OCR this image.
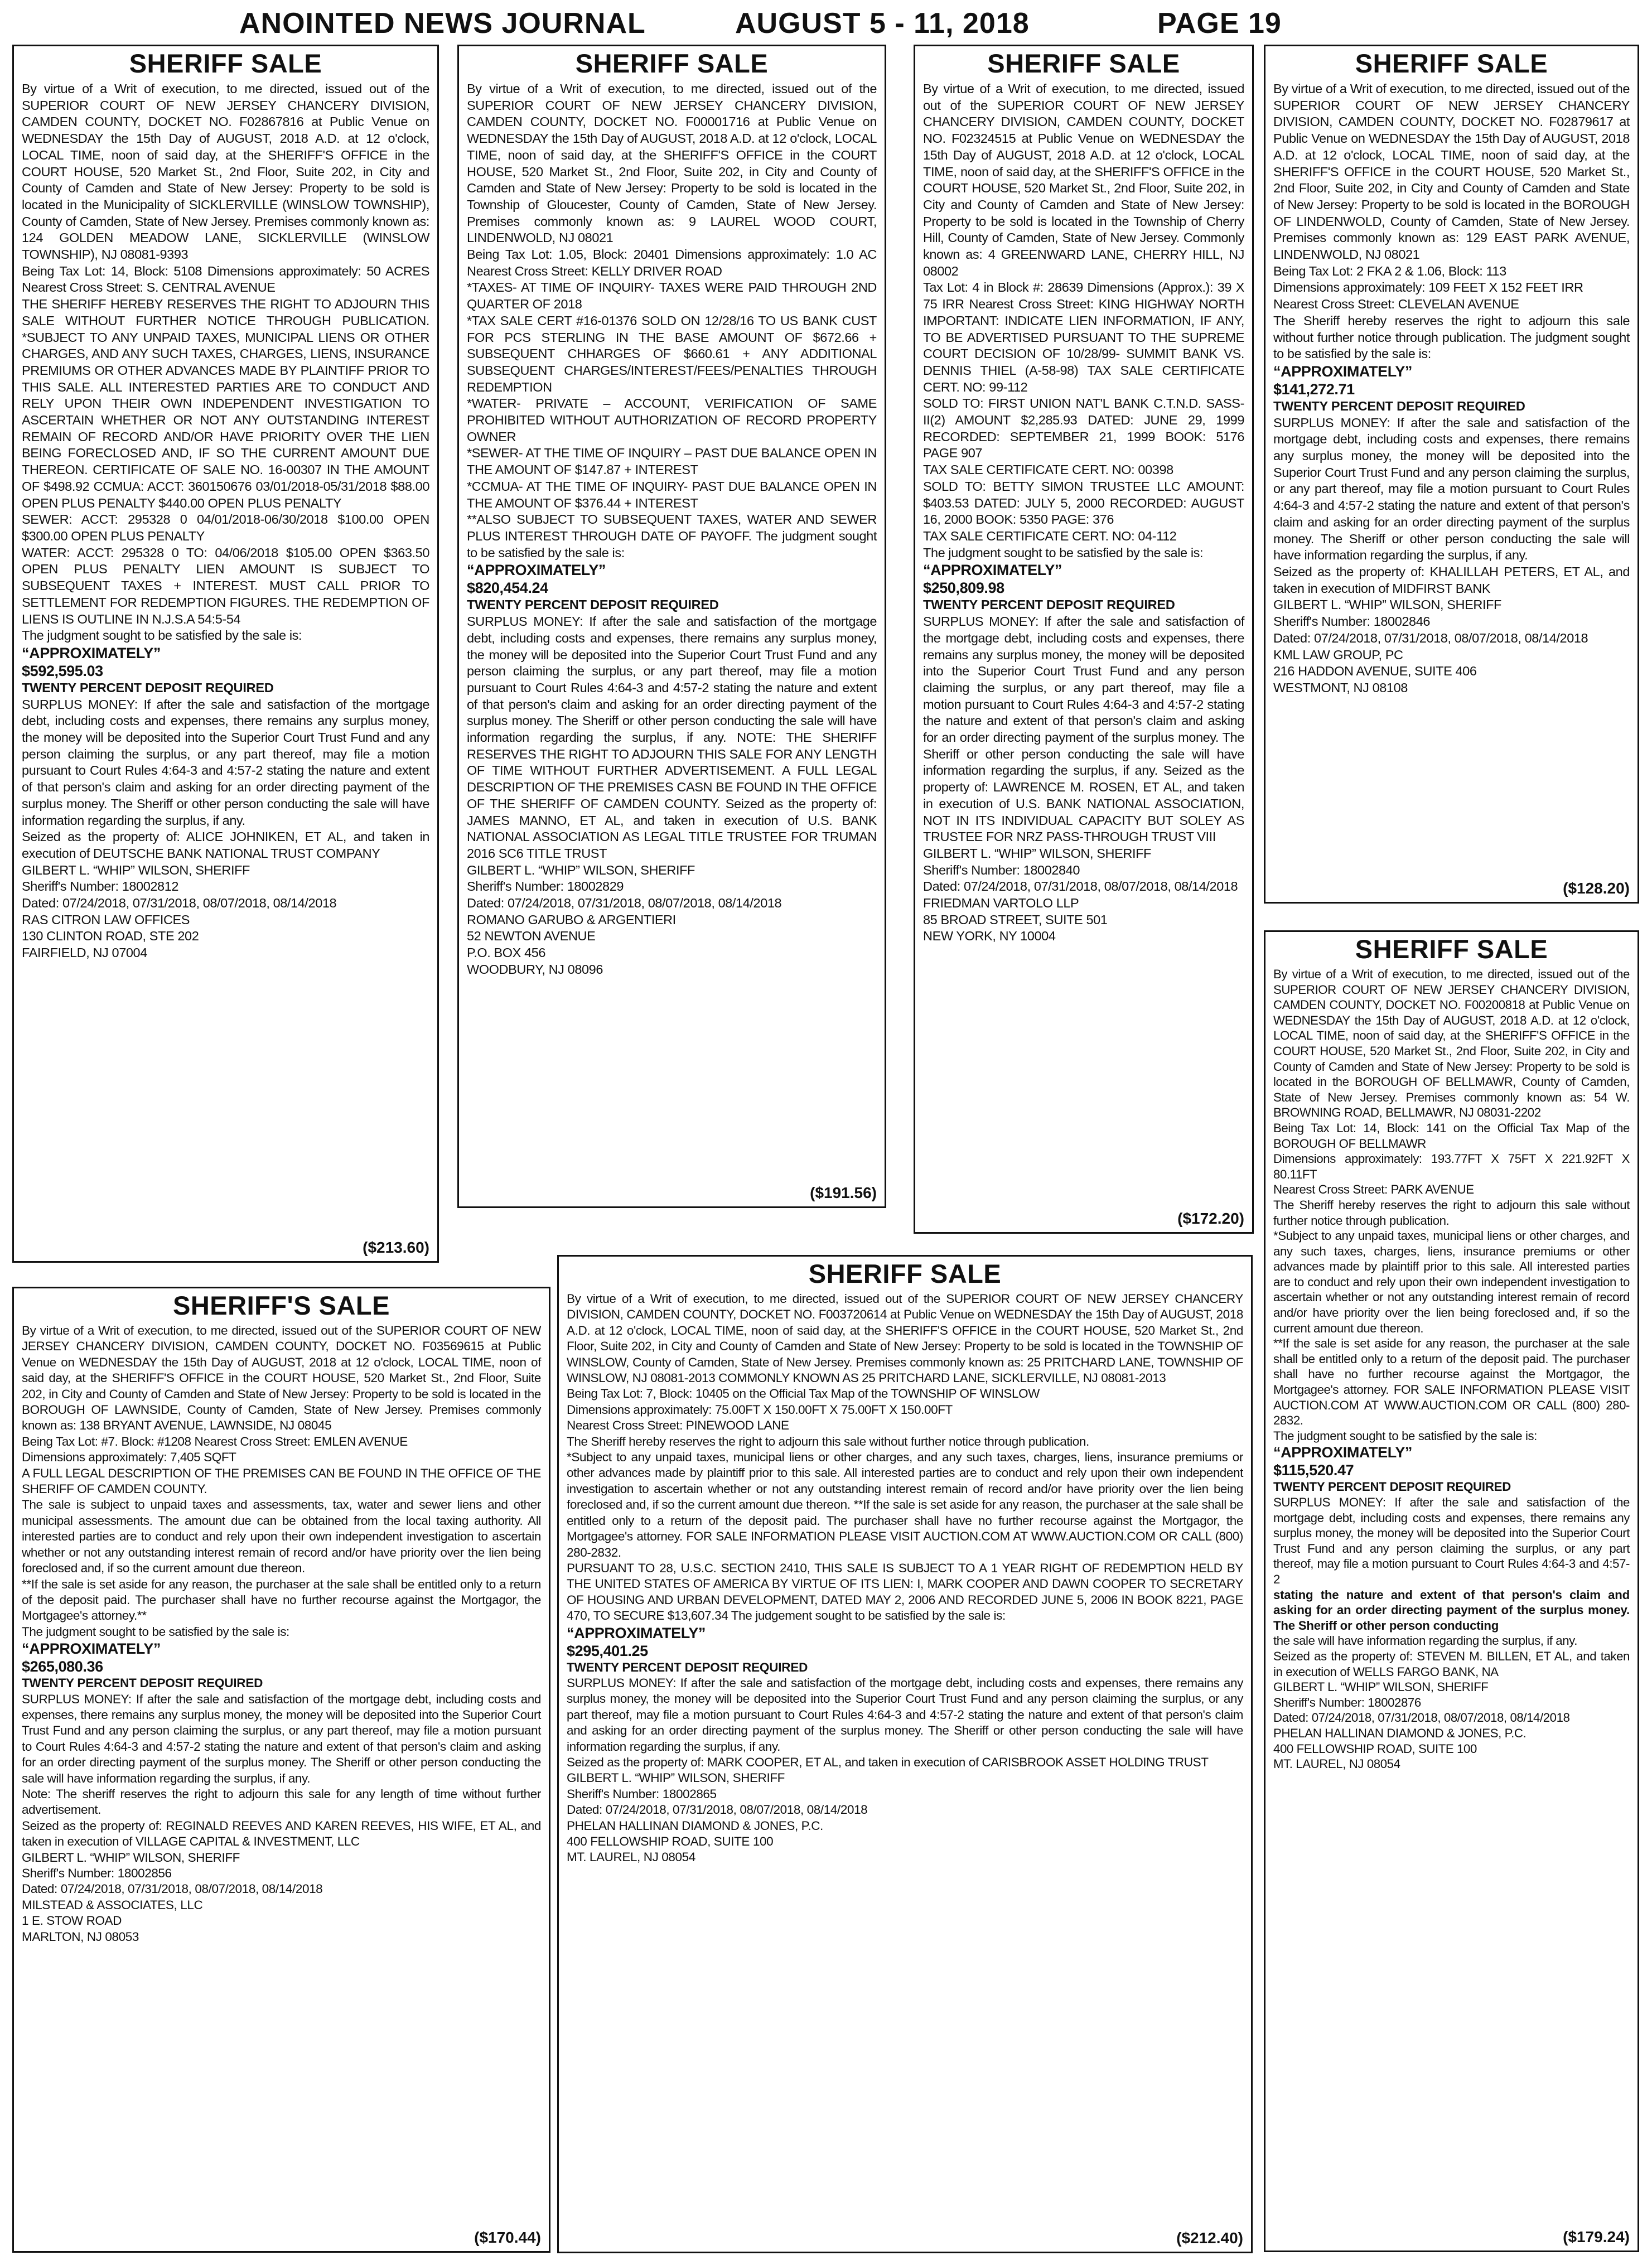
ANOINTED NEWS JOURNAL	AUGUST 5 - 11, 2018	PAGE 19
SHERIFF SALE

By virtue of a Writ of execution, to me directed, issued out of the SUPERIOR COURT OF NEW JERSEY CHANCERY DIVISION, CAMDEN COUNTY, DOCKET NO. F02867816 at Public Venue on WEDNESDAY the 15th Day of AUGUST, 2018 A.D. at 12 o'clock, LOCAL TIME, noon of said day, at the SHERIFF'S OFFICE in the COURT HOUSE, 520 Market St., 2nd Floor, Suite 202, in City and County of Camden and State of New Jersey: Property to be sold is located in the Municipality of SICKLERVILLE (WINSLOW TOWNSHIP), County of Camden, State of New Jersey. Premises commonly known as: 124 GOLDEN MEADOW LANE, SICKLERVILLE (WINSLOW TOWNSHIP), NJ 08081-9393

Being Tax Lot: 14, Block: 5108 Dimensions approximately: 50 ACRES Nearest Cross Street: S. CENTRAL AVENUE

THE SHERIFF HEREBY RESERVES THE RIGHT TO ADJOURN THIS SALE WITHOUT FURTHER NOTICE THROUGH PUBLICATION. *SUBJECT TO ANY UNPAID TAXES, MUNICIPAL LIENS OR OTHER CHARGES, AND ANY SUCH TAXES, CHARGES, LIENS, INSURANCE PREMIUMS OR OTHER ADVANCES MADE BY PLAINTIFF PRIOR TO THIS SALE. ALL INTERESTED PARTIES ARE TO CONDUCT AND RELY UPON THEIR OWN INDEPENDENT INVESTIGATION TO ASCERTAIN WHETHER OR NOT ANY OUTSTANDING INTEREST REMAIN OF RECORD AND/OR HAVE PRIORITY OVER THE LIEN BEING FORECLOSED AND, IF SO THE CURRENT AMOUNT DUE THEREON. CERTIFICATE OF SALE NO. 16-00307 IN THE AMOUNT OF $498.92 CCMUA: ACCT: 360150676 03/01/2018-05/31/2018 $88.00 OPEN PLUS PENALTY $440.00 OPEN PLUS PENALTY

SEWER: ACCT: 295328 0 04/01/2018-06/30/2018 $100.00 OPEN $300.00 OPEN PLUS PENALTY

WATER: ACCT: 295328 0 TO: 04/06/2018 $105.00 OPEN $363.50 OPEN PLUS PENALTY LIEN AMOUNT IS SUBJECT TO SUBSEQUENT TAXES + INTEREST. MUST CALL PRIOR TO SETTLEMENT FOR REDEMPTION FIGURES. THE REDEMPTION OF LIENS IS OUTLINE IN N.J.S.A 54:5-54

The judgment sought to be satisfied by the sale is:

“APPROXIMATELY”

$592,595.03

TWENTY PERCENT DEPOSIT REQUIRED

SURPLUS MONEY: If after the sale and satisfaction of the mortgage debt, including costs and expenses, there remains any surplus money, the money will be deposited into the Superior Court Trust Fund and any person claiming the surplus, or any part thereof, may file a motion pursuant to Court Rules 4:64-3 and 4:57-2 stating the nature and extent of that person's claim and asking for an order directing payment of the surplus money. The Sheriff or other person conducting the sale will have information regarding the surplus, if any.

Seized as the property of: ALICE JOHNIKEN, ET AL, and taken in execution of DEUTSCHE BANK NATIONAL TRUST COMPANY

GILBERT L. “WHIP” WILSON, SHERIFF

Sheriff's Number: 18002812

Dated: 07/24/2018, 07/31/2018, 08/07/2018, 08/14/2018

RAS CITRON LAW OFFICES

130 CLINTON ROAD, STE 202

FAIRFIELD, NJ 07004

($213.60)
SHERIFF SALE

By virtue of a Writ of execution, to me directed, issued out of the SUPERIOR COURT OF NEW JERSEY CHANCERY DIVISION, CAMDEN COUNTY, DOCKET NO. F00001716 at Public Venue on WEDNESDAY the 15th Day of AUGUST, 2018 A.D. at 12 o'clock, LOCAL TIME, noon of said day, at the SHERIFF'S OFFICE in the COURT HOUSE, 520 Market St., 2nd Floor, Suite 202, in City and County of Camden and State of New Jersey: Property to be sold is located in the Township of Gloucester, County of Camden, State of New Jersey. Premises commonly known as: 9 LAUREL WOOD COURT, LINDENWOLD, NJ 08021

Being Tax Lot: 1.05, Block: 20401 Dimensions approximately: 1.0 AC Nearest Cross Street: KELLY DRIVER ROAD

*TAXES- AT TIME OF INQUIRY- TAXES WERE PAID THROUGH 2ND QUARTER OF 2018

*TAX SALE CERT #16-01376 SOLD ON 12/28/16 TO US BANK CUST FOR PCS STERLING IN THE BASE AMOUNT OF $672.66 + SUBSEQUENT CHHARGES OF $660.61 + ANY ADDITIONAL SUBSEQUENT CHARGES/INTEREST/FEES/PENALTIES THROUGH REDEMPTION

*WATER- PRIVATE – ACCOUNT, VERIFICATION OF SAME PROHIBITED WITHOUT AUTHORIZATION OF RECORD PROPERTY OWNER

*SEWER- AT THE TIME OF INQUIRY – PAST DUE BALANCE OPEN IN THE AMOUNT OF $147.87 + INTEREST

*CCMUA- AT THE TIME OF INQUIRY- PAST DUE BALANCE OPEN IN THE AMOUNT OF $376.44 + INTEREST

**ALSO SUBJECT TO SUBSEQUENT TAXES, WATER AND SEWER PLUS INTEREST THROUGH DATE OF PAYOFF. The judgment sought to be satisfied by the sale is:

“APPROXIMATELY”

$820,454.24

TWENTY PERCENT DEPOSIT REQUIRED

SURPLUS MONEY: If after the sale and satisfaction of the mortgage debt, including costs and expenses, there remains any surplus money, the money will be deposited into the Superior Court Trust Fund and any person claiming the surplus, or any part thereof, may file a motion pursuant to Court Rules 4:64-3 and 4:57-2 stating the nature and extent of that person's claim and asking for an order directing payment of the surplus money. The Sheriff or other person conducting the sale will have information regarding the surplus, if any. NOTE: THE SHERIFF RESERVES THE RIGHT TO ADJOURN THIS SALE FOR ANY LENGTH OF TIME WITHOUT FURTHER ADVERTISEMENT. A FULL LEGAL DESCRIPTION OF THE PREMISES CASN BE FOUND IN THE OFFICE OF THE SHERIFF OF CAMDEN COUNTY. Seized as the property of: JAMES MANNO, ET AL, and taken in execution of U.S. BANK NATIONAL ASSOCIATION AS LEGAL TITLE TRUSTEE FOR TRUMAN 2016 SC6 TITLE TRUST

GILBERT L. “WHIP” WILSON, SHERIFF

Sheriff's Number: 18002829

Dated: 07/24/2018, 07/31/2018, 08/07/2018, 08/14/2018

ROMANO GARUBO & ARGENTIERI

52 NEWTON AVENUE

P.O. BOX 456

WOODBURY, NJ 08096

($191.56)
SHERIFF SALE

By virtue of a Writ of execution, to me directed, issued out of the SUPERIOR COURT OF NEW JERSEY CHANCERY DIVISION, CAMDEN COUNTY, DOCKET NO. F02324515 at Public Venue on WEDNESDAY the 15th Day of AUGUST, 2018 A.D. at 12 o'clock, LOCAL TIME, noon of said day, at the SHERIFF'S OFFICE in the COURT HOUSE, 520 Market St., 2nd Floor, Suite 202, in City and County of Camden and State of New Jersey: Property to be sold is located in the Township of Cherry Hill, County of Camden, State of New Jersey. Commonly known as: 4 GREENWARD LANE, CHERRY HILL, NJ 08002

Tax Lot: 4 in Block #: 28639 Dimensions (Approx.): 39 X 75 IRR Nearest Cross Street: KING HIGHWAY NORTH IMPORTANT: INDICATE LIEN INFORMATION, IF ANY, TO BE ADVERTISED PURSUANT TO THE SUPREME COURT DECISION OF 10/28/99- SUMMIT BANK VS. DENNIS THIEL (A-58-98) TAX SALE CERTIFICATE CERT. NO: 99-112

SOLD TO: FIRST UNION NAT'L BANK C.T.N.D. SASS-II(2) AMOUNT $2,285.93 DATED: JUNE 29, 1999 RECORDED: SEPTEMBER 21, 1999 BOOK: 5176 PAGE 907

TAX SALE CERTIFICATE CERT. NO: 00398

SOLD TO: BETTY SIMON TRUSTEE LLC AMOUNT: $403.53 DATED: JULY 5, 2000 RECORDED: AUGUST 16, 2000 BOOK: 5350 PAGE: 376

TAX SALE CERTIFICATE CERT. NO: 04-112

The judgment sought to be satisfied by the sale is:

“APPROXIMATELY”

$250,809.98

TWENTY PERCENT DEPOSIT REQUIRED

SURPLUS MONEY: If after the sale and satisfaction of the mortgage debt, including costs and expenses, there remains any surplus money, the money will be deposited into the Superior Court Trust Fund and any person claiming the surplus, or any part thereof, may file a motion pursuant to Court Rules 4:64-3 and 4:57-2 stating the nature and extent of that person's claim and asking for an order directing payment of the surplus money. The Sheriff or other person conducting the sale will have information regarding the surplus, if any. Seized as the property of: LAWRENCE M. ROSEN, ET AL, and taken in execution of U.S. BANK NATIONAL ASSOCIATION, NOT IN ITS INDIVIDUAL CAPACITY BUT SOLEY AS TRUSTEE FOR NRZ PASS-THROUGH TRUST VIII

GILBERT L. “WHIP” WILSON, SHERIFF

Sheriff's Number: 18002840

Dated: 07/24/2018, 07/31/2018, 08/07/2018, 08/14/2018

FRIEDMAN VARTOLO LLP

85 BROAD STREET, SUITE 501

NEW YORK, NY 10004

($172.20)
SHERIFF SALE

By virtue of a Writ of execution, to me directed, issued out of the SUPERIOR COURT OF NEW JERSEY CHANCERY DIVISION, CAMDEN COUNTY, DOCKET NO. F02879617 at Public Venue on WEDNESDAY the 15th Day of AUGUST, 2018 A.D. at 12 o'clock, LOCAL TIME, noon of said day, at the SHERIFF'S OFFICE in the COURT HOUSE, 520 Market St., 2nd Floor, Suite 202, in City and County of Camden and State of New Jersey: Property to be sold is located in the BOROUGH OF LINDENWOLD, County of Camden, State of New Jersey. Premises commonly known as: 129 EAST PARK AVENUE, LINDENWOLD, NJ 08021

Being Tax Lot: 2 FKA 2 & 1.06, Block: 113

Dimensions approximately: 109 FEET X 152 FEET IRR

Nearest Cross Street: CLEVELAN AVENUE

The Sheriff hereby reserves the right to adjourn this sale without further notice through publication. The judgment sought to be satisfied by the sale is:

“APPROXIMATELY”

$141,272.71

TWENTY PERCENT DEPOSIT REQUIRED

SURPLUS MONEY: If after the sale and satisfaction of the mortgage debt, including costs and expenses, there remains any surplus money, the money will be deposited into the Superior Court Trust Fund and any person claiming the surplus, or any part thereof, may file a motion pursuant to Court Rules 4:64-3 and 4:57-2 stating the nature and extent of that person's claim and asking for an order directing payment of the surplus money. The Sheriff or other person conducting the sale will have information regarding the surplus, if any.

Seized as the property of: KHALILLAH PETERS, ET AL, and taken in execution of MIDFIRST BANK

GILBERT L. “WHIP” WILSON, SHERIFF

Sheriff's Number: 18002846

Dated: 07/24/2018, 07/31/2018, 08/07/2018, 08/14/2018

KML LAW GROUP, PC

216 HADDON AVENUE, SUITE 406

WESTMONT, NJ 08108

($128.20)
SHERIFF SALE

By virtue of a Writ of execution, to me directed, issued out of the SUPERIOR COURT OF NEW JERSEY CHANCERY DIVISION, CAMDEN COUNTY, DOCKET NO. F00200818 at Public Venue on WEDNESDAY the 15th Day of AUGUST, 2018 A.D. at 12 o'clock, LOCAL TIME, noon of said day, at the SHERIFF'S OFFICE in the COURT HOUSE, 520 Market St., 2nd Floor, Suite 202, in City and County of Camden and State of New Jersey: Property to be sold is located in the BOROUGH OF BELLMAWR, County of Camden, State of New Jersey. Premises commonly known as: 54 W. BROWNING ROAD, BELLMAWR, NJ 08031-2202

Being Tax Lot: 14, Block: 141 on the Official Tax Map of the BOROUGH OF BELLMAWR

Dimensions approximately: 193.77FT X 75FT X 221.92FT X 80.11FT

Nearest Cross Street: PARK AVENUE

The Sheriff hereby reserves the right to adjourn this sale without further notice through publication.

*Subject to any unpaid taxes, municipal liens or other charges, and any such taxes, charges, liens, insurance premiums or other advances made by plaintiff prior to this sale. All interested parties are to conduct and rely upon their own independent investigation to ascertain whether or not any outstanding interest remain of record and/or have priority over the lien being foreclosed and, if so the current amount due thereon.

**If the sale is set aside for any reason, the purchaser at the sale shall be entitled only to a return of the deposit paid. The purchaser shall have no further recourse against the Mortgagor, the Mortgagee's attorney. FOR SALE INFORMATION PLEASE VISIT AUCTION.COM AT WWW.AUCTION.COM OR CALL (800) 280-2832.

The judgment sought to be satisfied by the sale is:

“APPROXIMATELY”

$115,520.47

TWENTY PERCENT DEPOSIT REQUIRED

SURPLUS MONEY: If after the sale and satisfaction of the mortgage debt, including costs and expenses, there remains any surplus money, the money will be deposited into the Superior Court Trust Fund and any person claiming the surplus, or any part thereof, may file a motion pursuant to Court Rules 4:64-3 and 4:57-2

stating the nature and extent of that person's claim and asking for an order directing payment of the surplus money. The Sheriff or other person conducting

the sale will have information regarding the surplus, if any.

Seized as the property of: STEVEN M. BILLEN, ET AL, and taken in execution of WELLS FARGO BANK, NA

GILBERT L. “WHIP” WILSON, SHERIFF

Sheriff's Number: 18002876

Dated: 07/24/2018, 07/31/2018, 08/07/2018, 08/14/2018

PHELAN HALLINAN DIAMOND & JONES, P.C.

400 FELLOWSHIP ROAD, SUITE 100

MT. LAUREL, NJ 08054

($179.24)
SHERIFF'S SALE

By virtue of a Writ of execution, to me directed, issued out of the SUPERIOR COURT OF NEW JERSEY CHANCERY DIVISION, CAMDEN COUNTY, DOCKET NO. F03569615 at Public Venue on WEDNESDAY the 15th Day of AUGUST, 2018 at 12 o'clock, LOCAL TIME, noon of said day, at the SHERIFF'S OFFICE in the COURT HOUSE, 520 Market St., 2nd Floor, Suite 202, in City and County of Camden and State of New Jersey: Property to be sold is located in the BOROUGH OF LAWNSIDE, County of Camden, State of New Jersey. Premises commonly known as: 138 BRYANT AVENUE, LAWNSIDE, NJ 08045

Being Tax Lot: #7. Block: #1208 Nearest Cross Street: EMLEN AVENUE

Dimensions approximately: 7,405 SQFT

A FULL LEGAL DESCRIPTION OF THE PREMISES CAN BE FOUND IN THE OFFICE OF THE SHERIFF OF CAMDEN COUNTY.

The sale is subject to unpaid taxes and assessments, tax, water and sewer liens and other municipal assessments. The amount due can be obtained from the local taxing authority. All interested parties are to conduct and rely upon their own independent investigation to ascertain whether or not any outstanding interest remain of record and/or have priority over the lien being foreclosed and, if so the current amount due thereon.

**If the sale is set aside for any reason, the purchaser at the sale shall be entitled only to a return of the deposit paid. The purchaser shall have no further recourse against the Mortgagor, the Mortgagee's attorney.**

The judgment sought to be satisfied by the sale is:

“APPROXIMATELY”

$265,080.36

TWENTY PERCENT DEPOSIT REQUIRED

SURPLUS MONEY: If after the sale and satisfaction of the mortgage debt, including costs and expenses, there remains any surplus money, the money will be deposited into the Superior Court Trust Fund and any person claiming the surplus, or any part thereof, may file a motion pursuant to Court Rules 4:64-3 and 4:57-2 stating the nature and extent of that person's claim and asking for an order directing payment of the surplus money. The Sheriff or other person conducting the sale will have information regarding the surplus, if any.

Note: The sheriff reserves the right to adjourn this sale for any length of time without further advertisement.

Seized as the property of: REGINALD REEVES AND KAREN REEVES, HIS WIFE, ET AL, and taken in execution of VILLAGE CAPITAL & INVESTMENT, LLC

GILBERT L. “WHIP” WILSON, SHERIFF

Sheriff's Number: 18002856

Dated: 07/24/2018, 07/31/2018, 08/07/2018, 08/14/2018

MILSTEAD & ASSOCIATES, LLC

1 E. STOW ROAD

MARLTON, NJ 08053

($170.44)
SHERIFF SALE

By virtue of a Writ of execution, to me directed, issued out of the SUPERIOR COURT OF NEW JERSEY CHANCERY DIVISION, CAMDEN COUNTY, DOCKET NO. F003720614 at Public Venue on WEDNESDAY the 15th Day of AUGUST, 2018 A.D. at 12 o'clock, LOCAL TIME, noon of said day, at the SHERIFF'S OFFICE in the COURT HOUSE, 520 Market St., 2nd Floor, Suite 202, in City and County of Camden and State of New Jersey: Property to be sold is located in the TOWNSHIP OF WINSLOW, County of Camden, State of New Jersey. Premises commonly known as: 25 PRITCHARD LANE, TOWNSHIP OF WINSLOW, NJ 08081-2013 COMMONLY KNOWN AS 25 PRITCHARD LANE, SICKLERVILLE, NJ 08081-2013

Being Tax Lot: 7, Block: 10405 on the Official Tax Map of the TOWNSHIP OF WINSLOW

Dimensions approximately: 75.00FT X 150.00FT X 75.00FT X 150.00FT

Nearest Cross Street: PINEWOOD LANE

The Sheriff hereby reserves the right to adjourn this sale without further notice through publication.

*Subject to any unpaid taxes, municipal liens or other charges, and any such taxes, charges, liens, insurance premiums or other advances made by plaintiff prior to this sale. All interested parties are to conduct and rely upon their own independent investigation to ascertain whether or not any outstanding interest remain of record and/or have priority over the lien being foreclosed and, if so the current amount due thereon. **If the sale is set aside for any reason, the purchaser at the sale shall be entitled only to a return of the deposit paid. The purchaser shall have no further recourse against the Mortgagor, the Mortgagee's attorney. FOR SALE INFORMATION PLEASE VISIT AUCTION.COM AT WWW.AUCTION.COM OR CALL (800) 280-2832.

PURSUANT TO 28, U.S.C. SECTION 2410, THIS SALE IS SUBJECT TO A 1 YEAR RIGHT OF REDEMPTION HELD BY THE UNITED STATES OF AMERICA BY VIRTUE OF ITS LIEN: I, MARK COOPER AND DAWN COOPER TO SECRETARY OF HOUSING AND URBAN DEVELOPMENT, DATED MAY 2, 2006 AND RECORDED JUNE 5, 2006 IN BOOK 8221, PAGE 470, TO SECURE $13,607.34 The judgement sought to be satisfied by the sale is:

“APPROXIMATELY”

$295,401.25

TWENTY PERCENT DEPOSIT REQUIRED

SURPLUS MONEY: If after the sale and satisfaction of the mortgage debt, including costs and expenses, there remains any surplus money, the money will be deposited into the Superior Court Trust Fund and any person claiming the surplus, or any part thereof, may file a motion pursuant to Court Rules 4:64-3 and 4:57-2 stating the nature and extent of that person's claim and asking for an order directing payment of the surplus money. The Sheriff or other person conducting the sale will have information regarding the surplus, if any.

Seized as the property of: MARK COOPER, ET AL, and taken in execution of CARISBROOK ASSET HOLDING TRUST

GILBERT L. “WHIP” WILSON, SHERIFF

Sheriff's Number: 18002865

Dated: 07/24/2018, 07/31/2018, 08/07/2018, 08/14/2018

PHELAN HALLINAN DIAMOND & JONES, P.C.

400 FELLOWSHIP ROAD, SUITE 100

MT. LAUREL, NJ 08054

($212.40)
